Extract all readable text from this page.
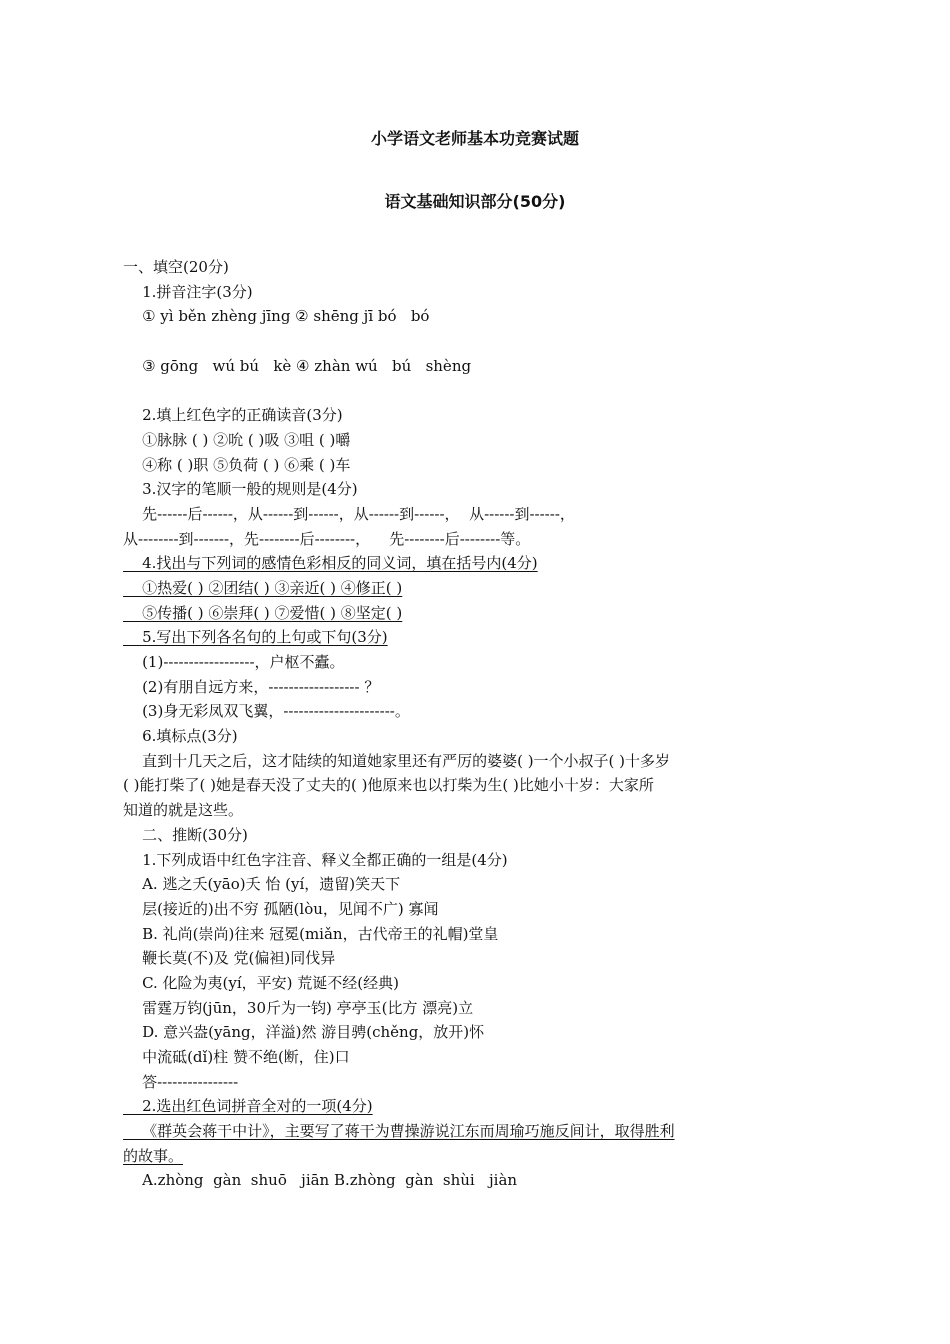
小学语文老师基本功竞赛试题
语文基础知识部分(50分)
一、填空(20分)
1.拼音注字(3分)
① yì běn zhèng jīng ② shēng jī bó   bó
③ gōng   wú bú   kè ④ zhàn wú   bú   shèng
2.填上红色字的正确读音(3分)
①脉脉 ( ) ②吮 ( )吸 ③咀 ( )嚼
④称 ( )职 ⑤负荷 ( ) ⑥乘 ( )车
3.汉字的笔顺一般的规则是(4分)
先------后------，从------到------，从------到------，  从------到------，
从--------到-------，先--------后--------，    先--------后--------等。
4.找出与下列词的感情色彩相反的同义词，填在括号内(4分)
①热爱( ) ②团结( ) ③亲近( ) ④修正( )
⑤传播( ) ⑥崇拜( ) ⑦爱惜( ) ⑧坚定( )
5.写出下列各名句的上句或下句(3分)
(1)------------------，户枢不蠹。
(2)有朋自远方来，------------------ ？
(3)身无彩凤双飞翼，----------------------。
6.填标点(3分)
直到十几天之后，这才陆续的知道她家里还有严厉的婆婆( )一个小叔子( )十多岁
( )能打柴了( )她是春天没了丈夫的( )他原来也以打柴为生( )比她小十岁：大家所
知道的就是这些。
二、推断(30分)
1.下列成语中红色字注音、释义全都正确的一组是(4分)
A. 逃之夭(yāo)夭 怡 (yí，遗留)笑天下
层(接近的)出不穷 孤陋(lòu，见闻不广) 寡闻
B. 礼尚(崇尚)往来 冠冕(miǎn，古代帝王的礼帽)堂皇
鞭长莫(不)及 党(偏袒)同伐异
C. 化险为夷(yí，平安) 荒诞不经(经典)
雷霆万钧(jūn，30斤为一钧) 亭亭玉(比方 漂亮)立
D. 意兴盎(yāng，洋溢)然 游目骋(chěng，放开)怀
中流砥(dǐ)柱 赞不绝(断，住)口
答----------------
2.选出红色词拼音全对的一项(4分)
《群英会蒋干中计》，主要写了蒋干为曹操游说江东而周瑜巧施反间计，取得胜利
的故事。
A.zhòng  gàn  shuō   jiān B.zhòng  gàn  shùi   jiàn
